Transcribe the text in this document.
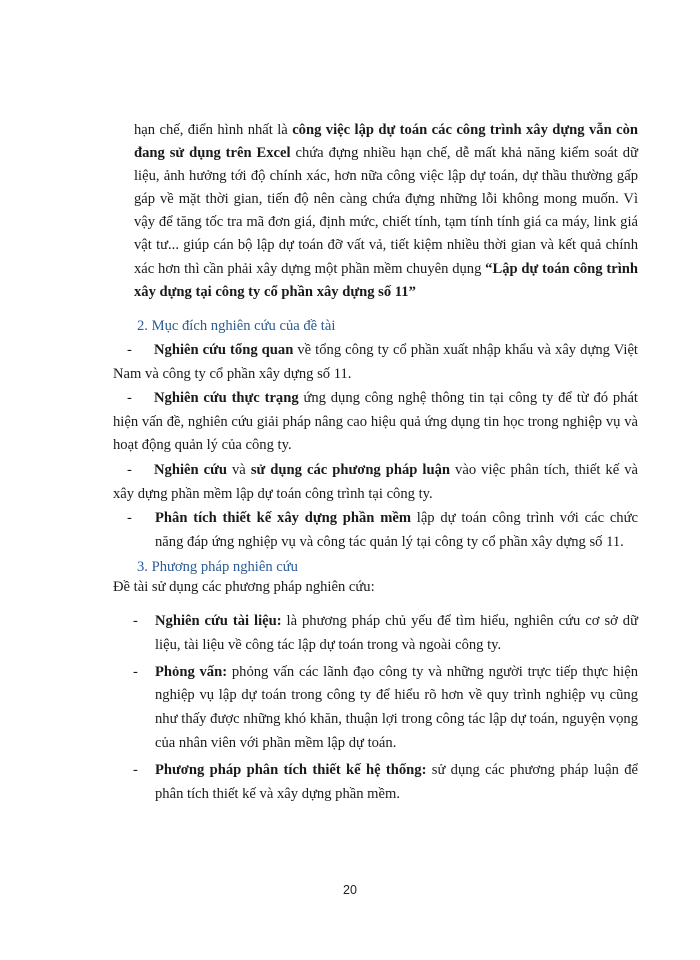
hạn chế, điển hình nhất là công việc lập dự toán các công trình xây dựng vẫn còn đang sử dụng trên Excel chứa đựng nhiều hạn chế, dễ mất khả năng kiểm soát dữ liệu, ảnh hưởng tới độ chính xác, hơn nữa công việc lập dự toán, dự thầu thường gấp gáp về mặt thời gian, tiến độ nên càng chứa đựng những lỗi không mong muốn. Vì vậy để tăng tốc tra mã đơn giá, định mức, chiết tính, tạm tính tính giá ca máy, link giá vật tư... giúp cán bộ lập dự toán đỡ vất vả, tiết kiệm nhiều thời gian và kết quả chính xác hơn thì cần phải xây dựng một phần mềm chuyên dụng “Lập dự toán công trình xây dựng tại công ty cổ phần xây dựng số 11”

2. Mục đích nghiên cứu của đề tài

-	Nghiên cứu tổng quan về tổng công ty cổ phần xuất nhập khẩu và xây dựng Việt Nam và công ty cổ phần xây dựng số 11.

-	Nghiên cứu thực trạng ứng dụng công nghệ thông tin tại công ty để từ đó phát hiện vấn đề, nghiên cứu giải pháp nâng cao hiệu quả ứng dụng tin học trong nghiệp vụ và hoạt động quản lý của công ty.

-	Nghiên cứu và sử dụng các phương pháp luận vào việc phân tích, thiết kế và xây dựng phần mềm lập dự toán công trình tại công ty.

- Phân tích thiết kế xây dựng phần mềm lập dự toán công trình với các chức năng đáp ứng nghiệp vụ và công tác quản lý tại công ty cổ phần xây dựng số 11.

3. Phương pháp nghiên cứu

Đề tài sử dụng các phương pháp nghiên cứu:

- Nghiên cứu tài liệu: là phương pháp chủ yếu để tìm hiểu, nghiên cứu cơ sở dữ liệu, tài liệu về công tác lập dự toán trong và ngoài công ty.
- Phỏng vấn: phỏng vấn các lãnh đạo công ty và những người trực tiếp thực hiện nghiệp vụ lập dự toán trong công ty để hiểu rõ hơn về quy trình nghiệp vụ cũng như thấy được những khó khăn, thuận lợi trong công tác lập dự toán, nguyện vọng của nhân viên với phần mềm lập dự toán.
- Phương pháp phân tích thiết kế hệ thống: sử dụng các phương pháp luận để phân tích thiết kế và xây dựng phần mềm.
20
